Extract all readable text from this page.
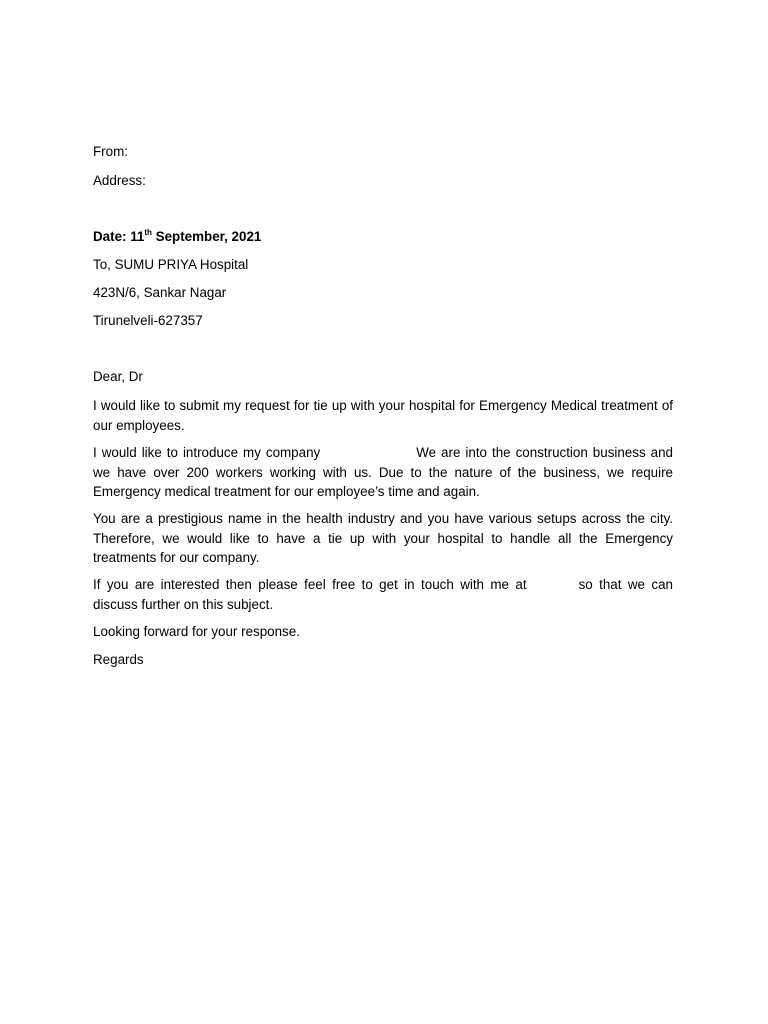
From:
Address:
Date: 11th September, 2021
To, SUMU PRIYA Hospital
423N/6, Sankar Nagar
Tirunelveli-627357
Dear, Dr
I would like to submit my request for tie up with your hospital for Emergency Medical treatment of our employees.
I would like to introduce my company	We are into the construction business and we have over 200 workers working with us. Due to the nature of the business, we require Emergency medical treatment for our employee’s time and again.
You are a prestigious name in the health industry and you have various setups across the city. Therefore, we would like to have a tie up with your hospital to handle all the Emergency treatments for our company.
If you are interested then please feel free to get in touch with me at	so that we can discuss further on this subject.
Looking forward for your response.
Regards
